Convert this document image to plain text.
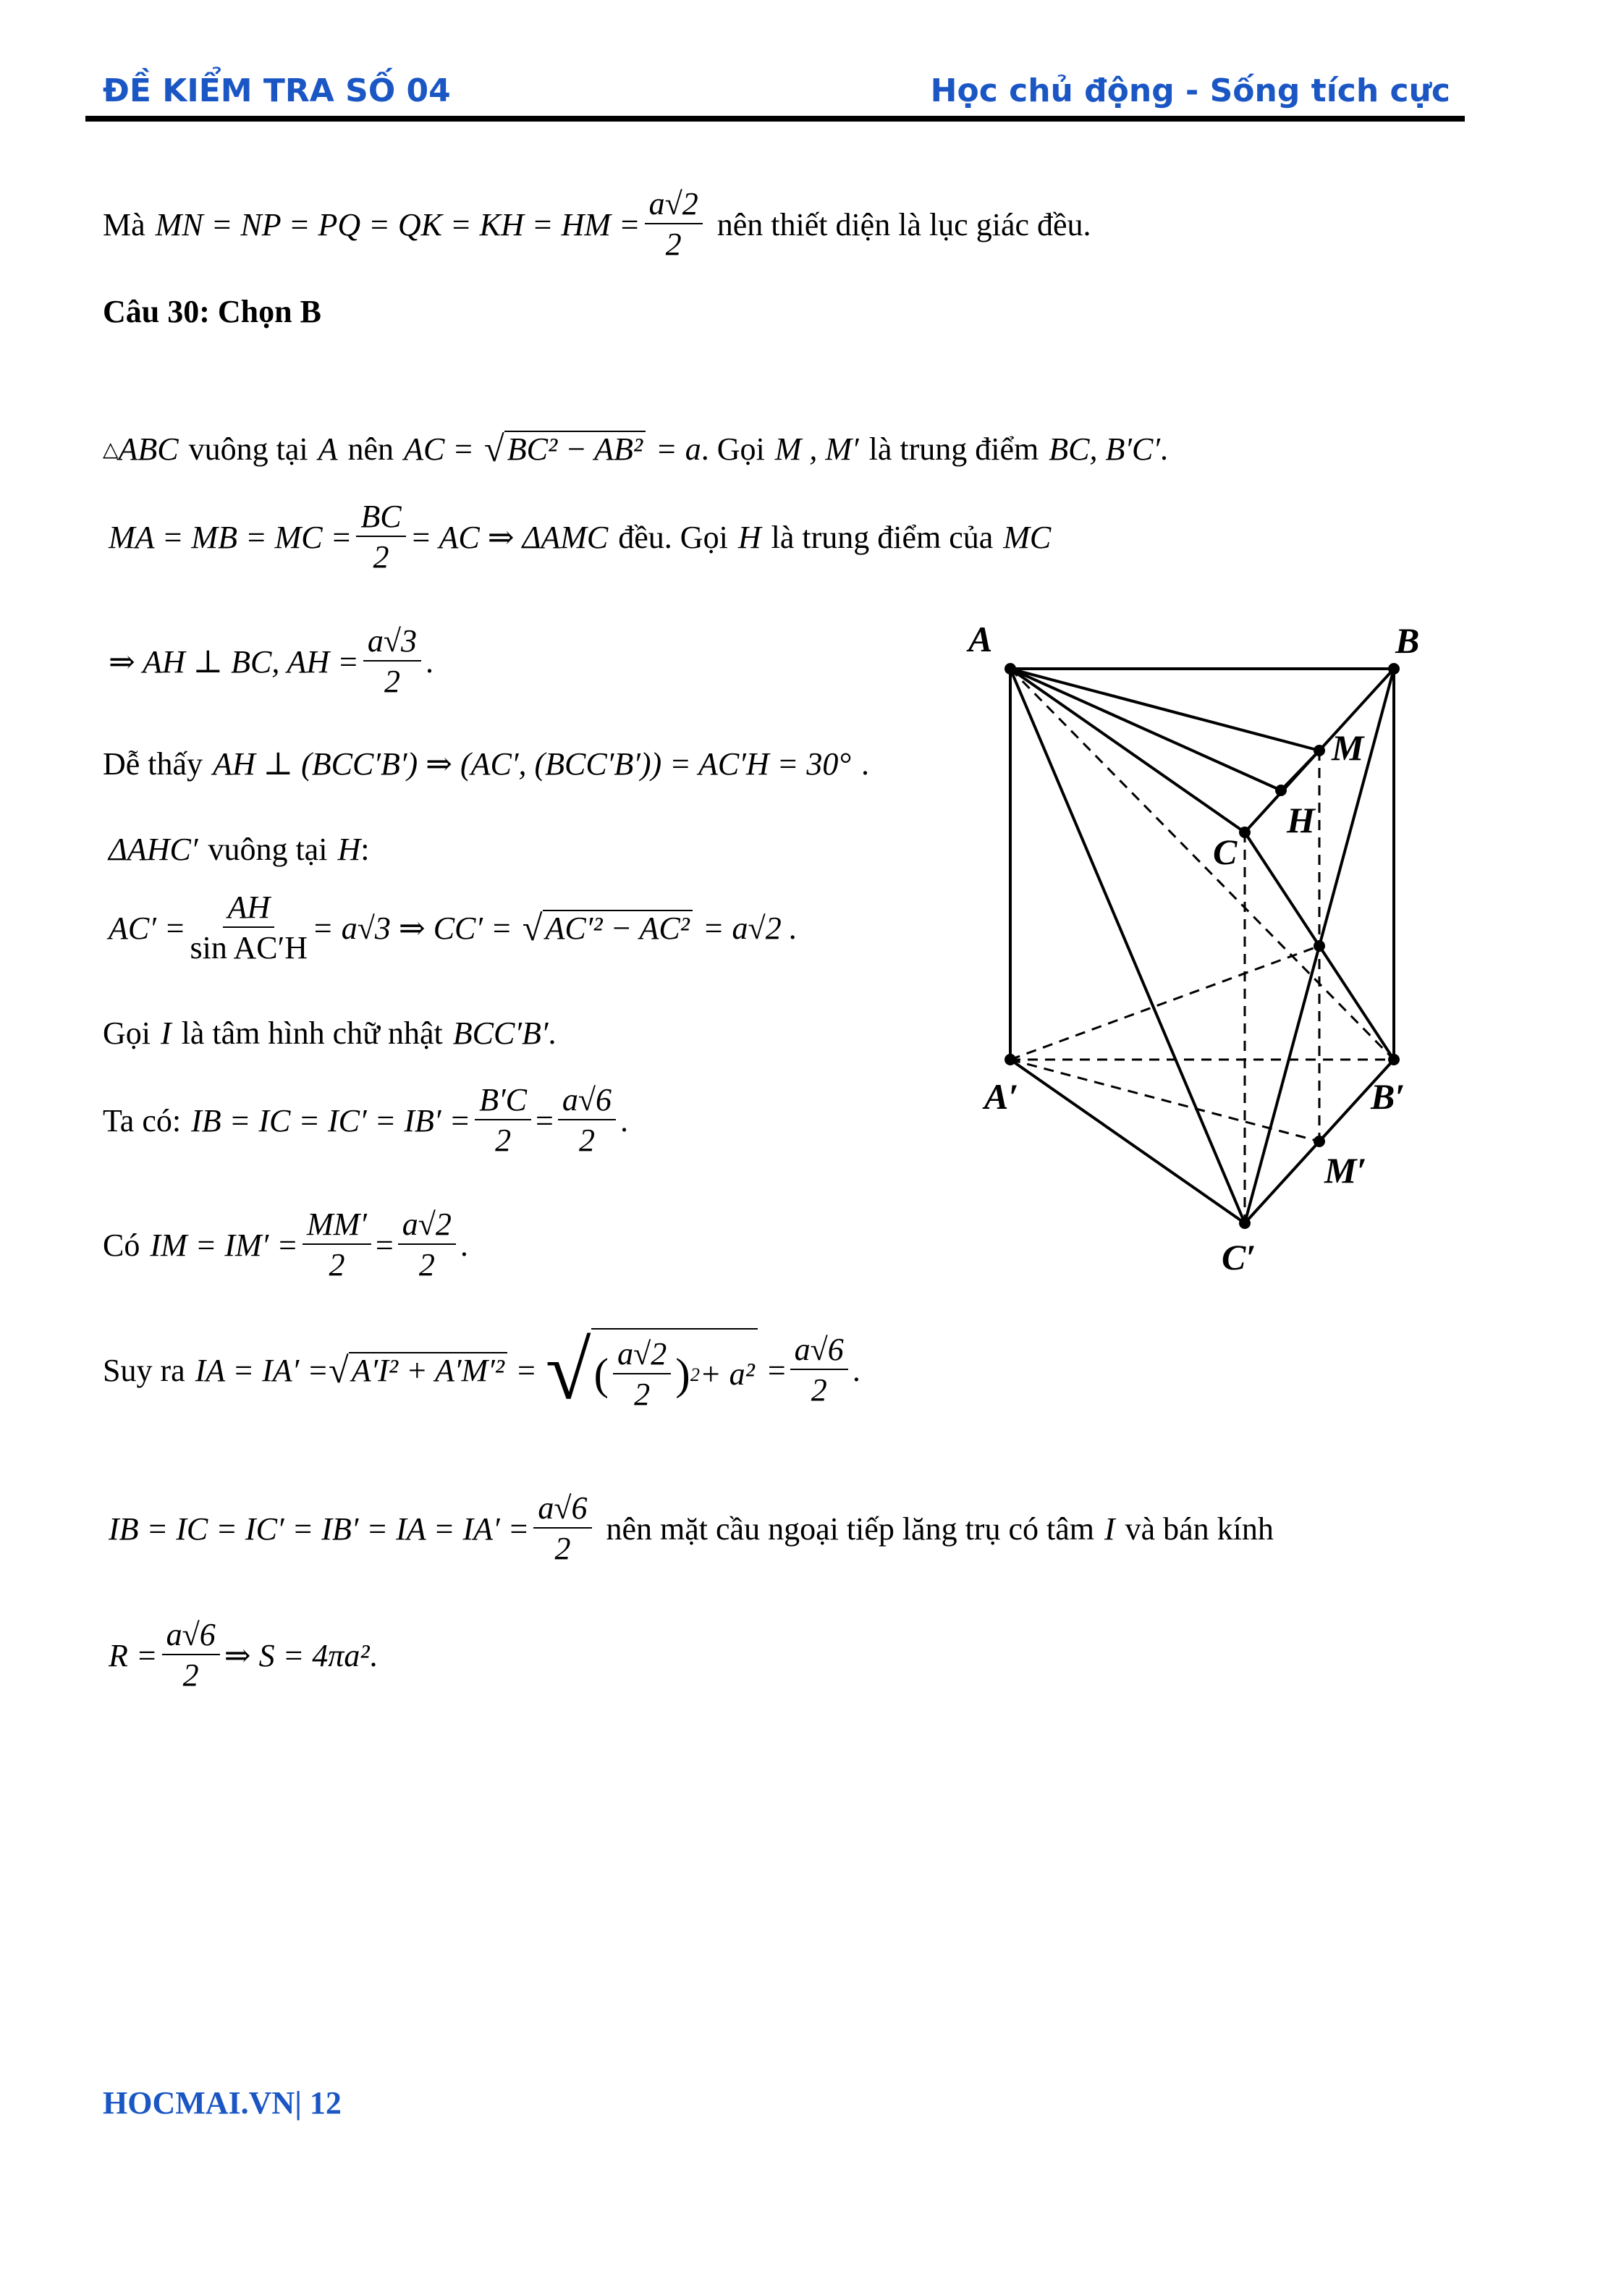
ĐỀ KIỂM TRA SỐ 04	Học chủ động - Sống tích cực
Mà MN = NP = PQ = QK = KH = HM = $\frac{a√2}{2}$ nên thiết diện là lục giác đều.
Câu 30: Chọn B
△ ABC vuông tại A nên AC = √ BC² − AB² = a . Gọi M , M′ là trung điểm BC, B′C′ .
MA = MB = MC = $\frac{BC}{2}$ = AC ⇒ ΔAMC đều. Gọi H là trung điểm của MC
⇒ AH ⊥ BC, AH = $\frac{a√3}{2}$ .
Dễ thấy AH ⊥ (BCC′B′) ⇒ (AC′, (BCC′B′)) = AC′H = 30° .
ΔAHC′ vuông tại H :
$AC' = \frac{AH}{\text{sin AC′H}} = a√3$ ⇒ CC′ = √ AC′² − AC² = a√2 .
Gọi I là tâm hình chữ nhật BCC′B′ .
Ta có: IB = IC = $IC' = IB' = \frac{B'C}{2} = \frac{a√6}{2}$ .
Có IM = $IM' = \frac{MM'}{2} = \frac{a√2}{2}$ .
Suy ra IA = IA′ = √ A′I² + A′M′² = √ ( $\frac{a√2}{2}$ ) $2 + a^2 = \frac{a√6}{2}$ .
IB = IC = IC′ = IB′ = IA = $IA' = \frac{a√6}{2}$ nên mặt cầu ngoại tiếp lăng trụ có tâm I và bán kính
$R = \frac{a√6}{2}$ ⇒ S = 4πa² .
A	B
M
H
C
A′	B′
M′
C′
HOCMAI.VN| 12
